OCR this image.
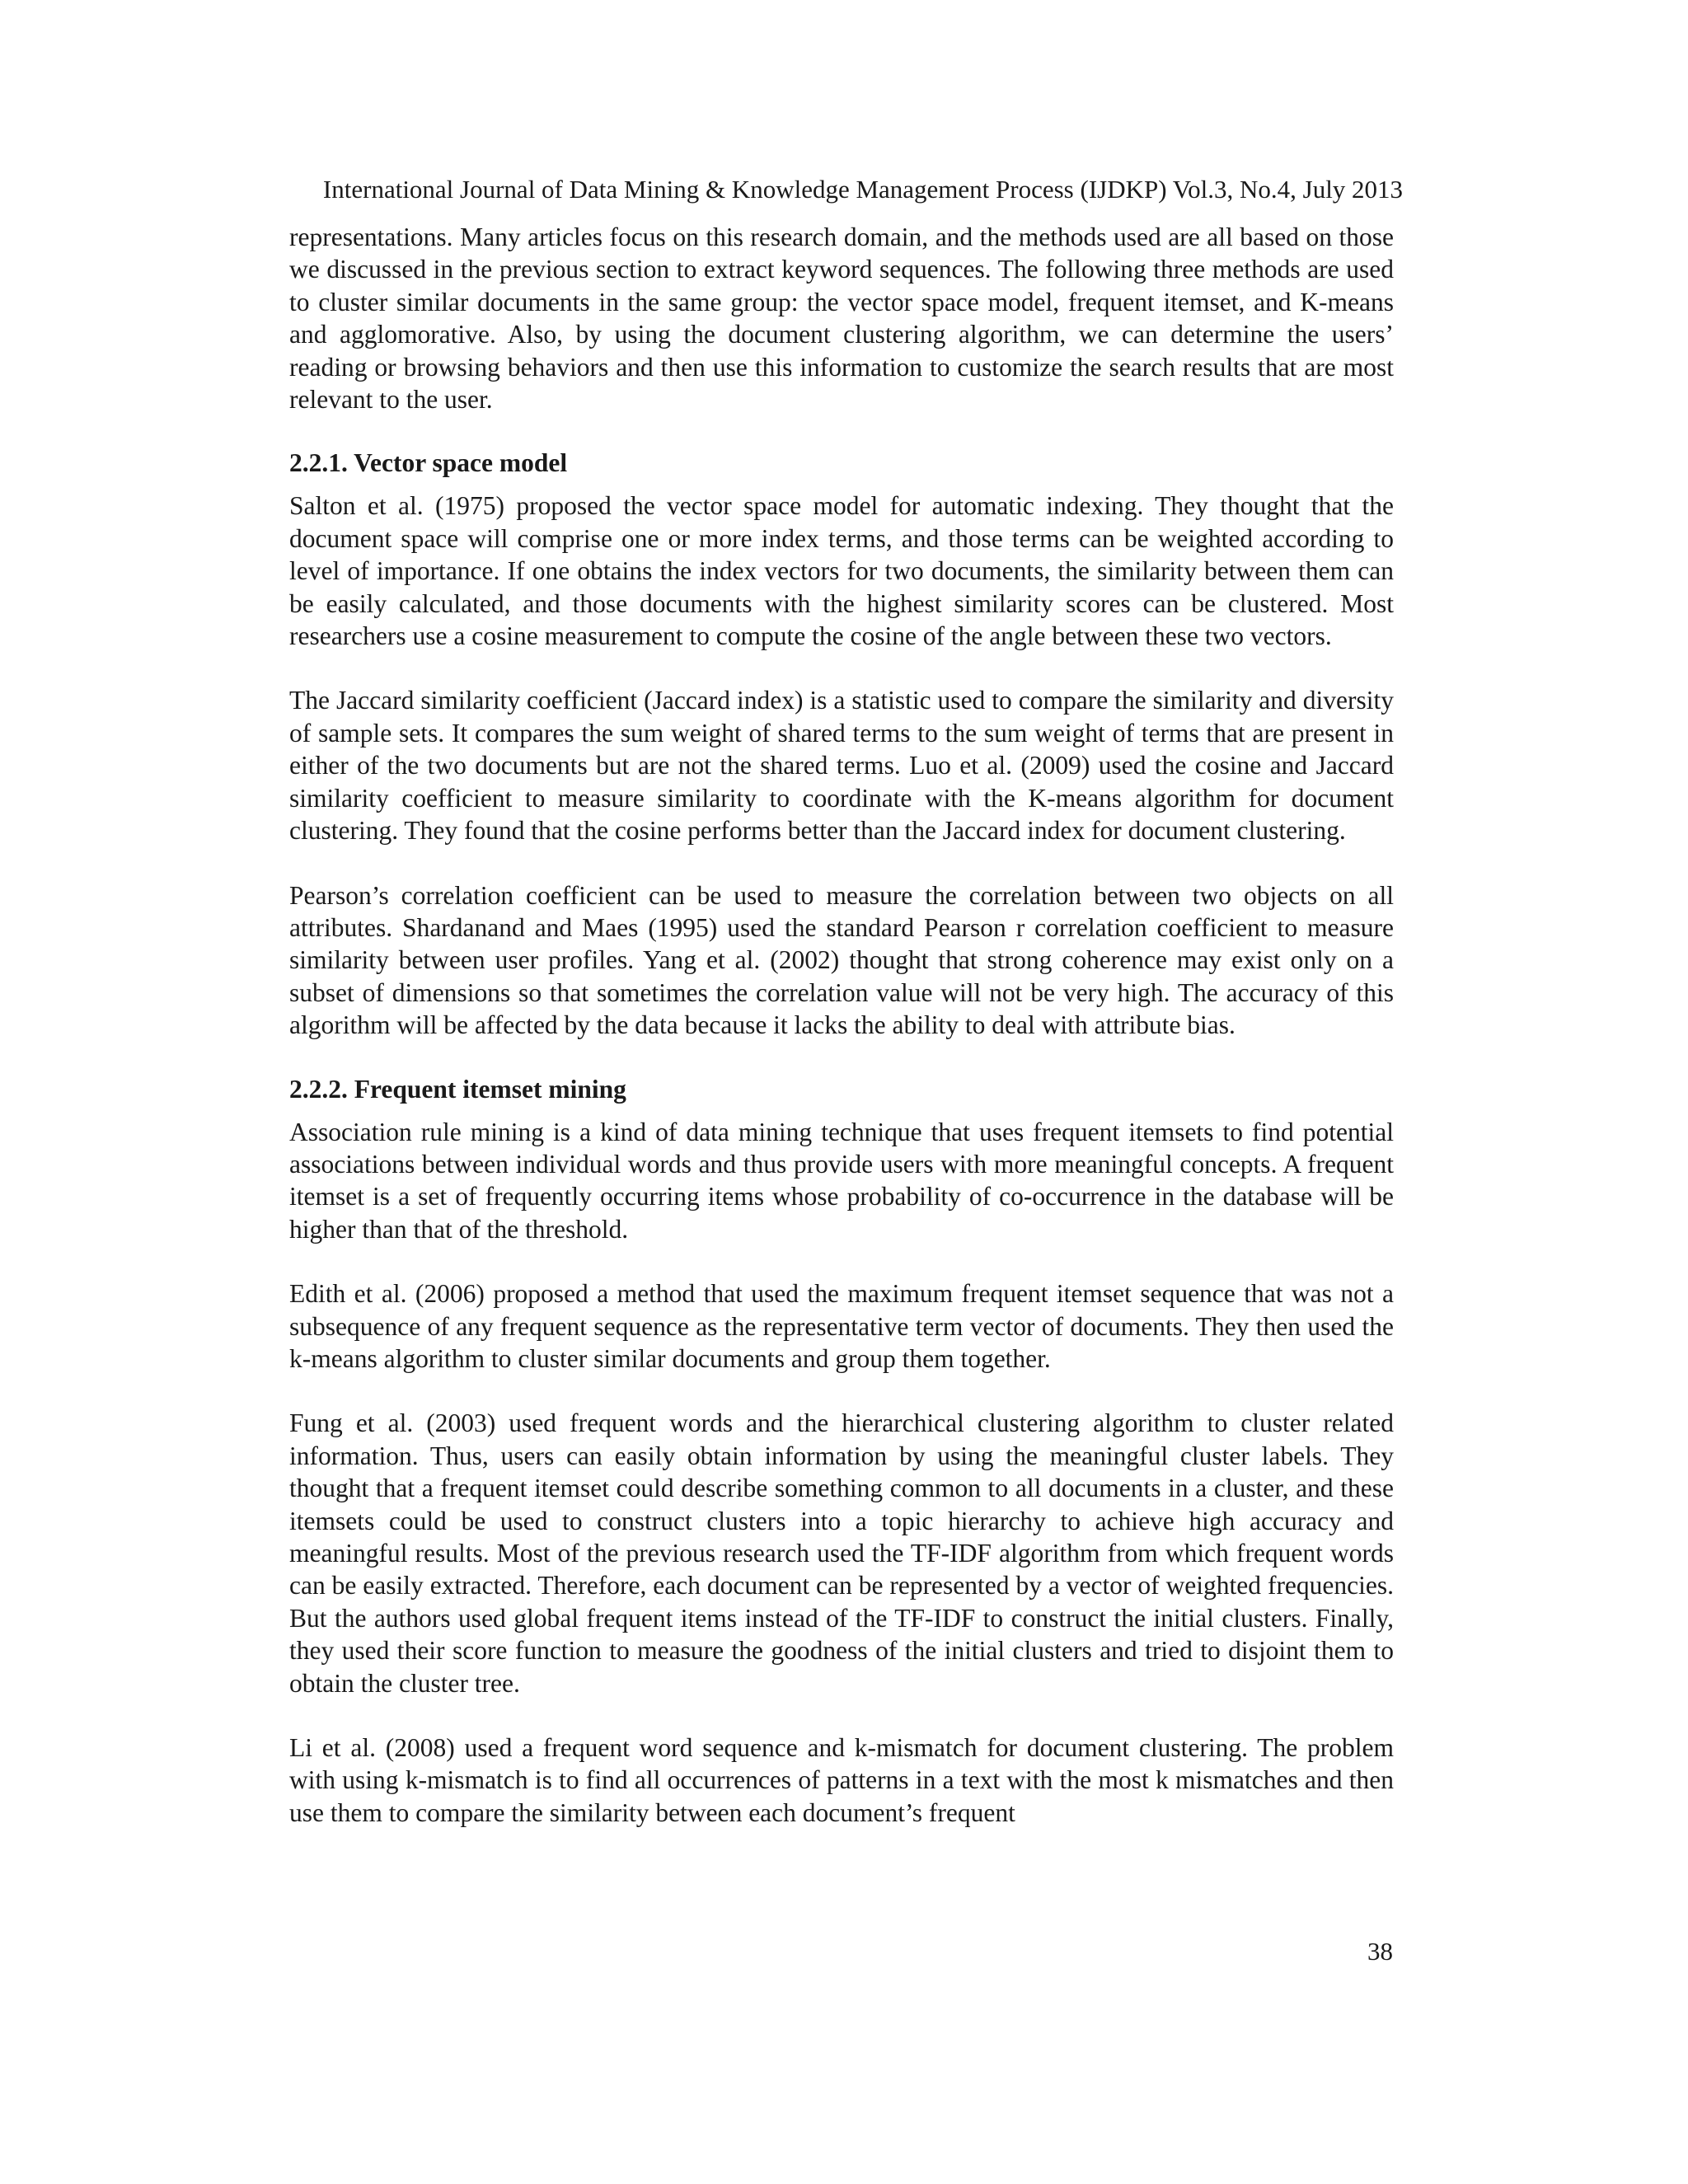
International Journal of Data Mining & Knowledge Management Process (IJDKP) Vol.3, No.4, July 2013

representations. Many articles focus on this research domain, and the methods used are all based on those we discussed in the previous section to extract keyword sequences. The following three methods are used to cluster similar documents in the same group: the vector space model, frequent itemset, and K-means and agglomorative. Also, by using the document clustering algorithm, we can determine the users’ reading or browsing behaviors and then use this information to customize the search results that are most relevant to the user.

2.2.1. Vector space model

Salton et al. (1975) proposed the vector space model for automatic indexing. They thought that the document space will comprise one or more index terms, and those terms can be weighted according to level of importance. If one obtains the index vectors for two documents, the similarity between them can be easily calculated, and those documents with the highest similarity scores can be clustered. Most researchers use a cosine measurement to compute the cosine of the angle between these two vectors.

The Jaccard similarity coefficient (Jaccard index) is a statistic used to compare the similarity and diversity of sample sets. It compares the sum weight of shared terms to the sum weight of terms that are present in either of the two documents but are not the shared terms. Luo et al. (2009) used the cosine and Jaccard similarity coefficient to measure similarity to coordinate with the K-means algorithm for document clustering. They found that the cosine performs better than the Jaccard index for document clustering.

Pearson’s correlation coefficient can be used to measure the correlation between two objects on all attributes. Shardanand and Maes (1995) used the standard Pearson r correlation coefficient to measure similarity between user profiles. Yang et al. (2002) thought that strong coherence may exist only on a subset of dimensions so that sometimes the correlation value will not be very high. The accuracy of this algorithm will be affected by the data because it lacks the ability to deal with attribute bias.

2.2.2. Frequent itemset mining

Association rule mining is a kind of data mining technique that uses frequent itemsets to find potential associations between individual words and thus provide users with more meaningful concepts. A frequent itemset is a set of frequently occurring items whose probability of co-occurrence in the database will be higher than that of the threshold.

Edith et al. (2006) proposed a method that used the maximum frequent itemset sequence that was not a subsequence of any frequent sequence as the representative term vector of documents. They then used the k-means algorithm to cluster similar documents and group them together.

Fung et al. (2003) used frequent words and the hierarchical clustering algorithm to cluster related information. Thus, users can easily obtain information by using the meaningful cluster labels. They thought that a frequent itemset could describe something common to all documents in a cluster, and these itemsets could be used to construct clusters into a topic hierarchy to achieve high accuracy and meaningful results. Most of the previous research used the TF-IDF algorithm from which frequent words can be easily extracted. Therefore, each document can be represented by a vector of weighted frequencies. But the authors used global frequent items instead of the TF-IDF to construct the initial clusters. Finally, they used their score function to measure the goodness of the initial clusters and tried to disjoint them to obtain the cluster tree.

Li et al. (2008) used a frequent word sequence and k-mismatch for document clustering. The problem with using k-mismatch is to find all occurrences of patterns in a text with the most k mismatches and then use them to compare the similarity between each document’s frequent

38
